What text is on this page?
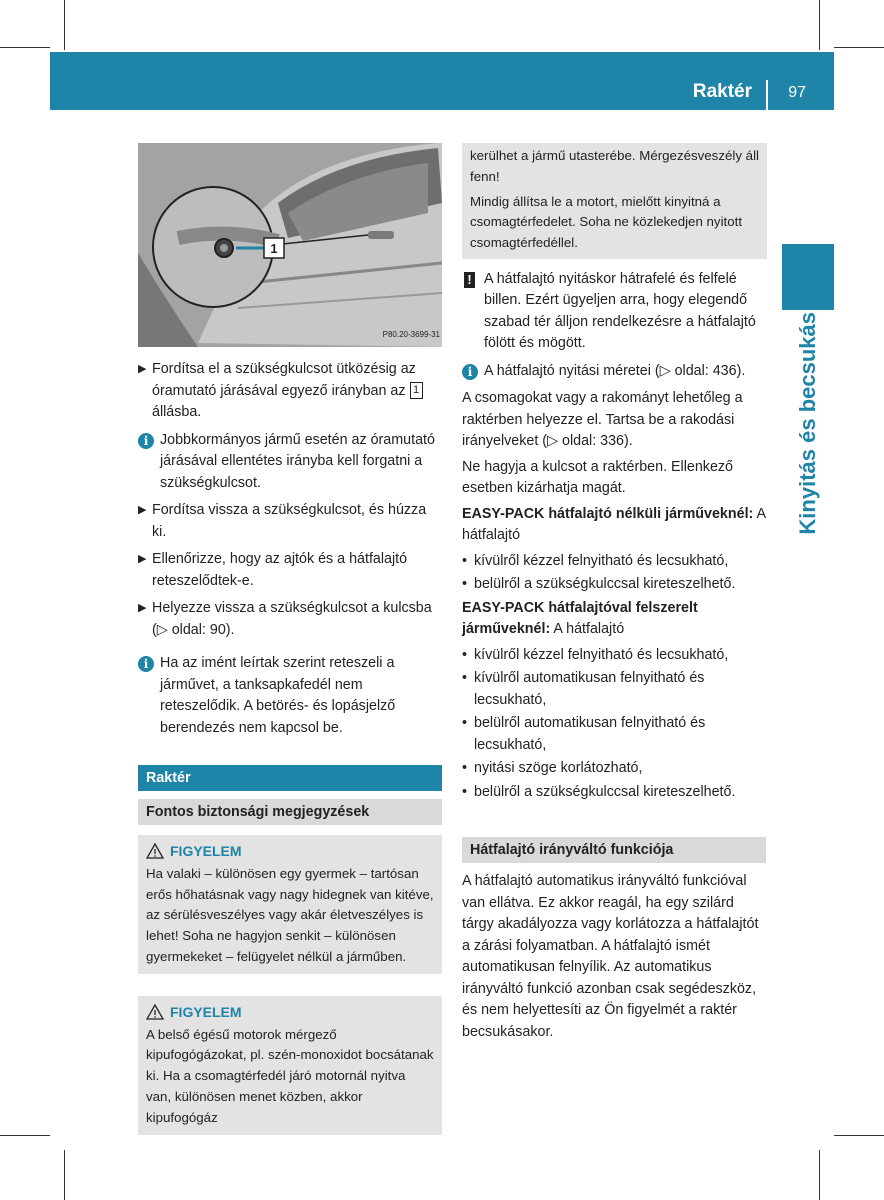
Raktér 97
Kinyitás és becsukás
1
P80.20-3699-31
▶ Fordítsa el a szükségkulcsot ütközésig az óramutató járásával egyező irányban az 1 állásba.
i Jobbkormányos jármű esetén az óramutató járásával ellentétes irányba kell forgatni a szükségkulcsot.
▶ Fordítsa vissza a szükségkulcsot, és húzza ki.
▶ Ellenőrizze, hogy az ajtók és a hátfalajtó reteszelődtek-e.
▶ Helyezze vissza a szükségkulcsot a kulcsba (▷ oldal: 90).
i Ha az imént leírtak szerint reteszeli a járművet, a tanksapkafedél nem reteszelődik. A betörés- és lopásjelző berendezés nem kapcsol be.
Raktér
Fontos biztonsági megjegyzések
FIGYELEM
Ha valaki – különösen egy gyermek – tartósan erős hőhatásnak vagy nagy hidegnek van kitéve, az sérülésveszélyes vagy akár életveszélyes is lehet! Soha ne hagyjon senkit – különösen gyermekeket – felügyelet nélkül a járműben.
FIGYELEM
A belső égésű motorok mérgező kipufogógázokat, pl. szén-monoxidot bocsátanak ki. Ha a csomagtérfedél járó motornál nyitva van, különösen menet közben, akkor kipufogógáz
kerülhet a jármű utasterébe. Mérgezésveszély áll fenn!
Mindig állítsa le a motort, mielőtt kinyitná a csomagtérfedelet. Soha ne közlekedjen nyitott csomagtérfedéllel.
! A hátfalajtó nyitáskor hátrafelé és felfelé billen. Ezért ügyeljen arra, hogy elegendő szabad tér álljon rendelkezésre a hátfalajtó fölött és mögött.
i A hátfalajtó nyitási méretei (▷ oldal: 436).
A csomagokat vagy a rakományt lehetőleg a raktérben helyezze el. Tartsa be a rakodási irányelveket (▷ oldal: 336).
Ne hagyja a kulcsot a raktérben. Ellenkező esetben kizárhatja magát.
EASY-PACK hátfalajtó nélküli járműveknél: A hátfalajtó
• kívülről kézzel felnyitható és lecsukható,
• belülről a szükségkulccsal kireteszelhető.
EASY-PACK hátfalajtóval felszerelt járműveknél: A hátfalajtó
• kívülről kézzel felnyitható és lecsukható,
• kívülről automatikusan felnyitható és lecsukható,
• belülről automatikusan felnyitható és lecsukható,
• nyitási szöge korlátozható,
• belülről a szükségkulccsal kireteszelhető.
Hátfalajtó irányváltó funkciója
A hátfalajtó automatikus irányváltó funkcióval van ellátva. Ez akkor reagál, ha egy szilárd tárgy akadályozza vagy korlátozza a hátfalajtót a zárási folyamatban. A hátfalajtó ismét automatikusan felnyílik. Az automatikus irányváltó funkció azonban csak segédeszköz, és nem helyettesíti az Ön figyelmét a raktér becsukásakor.
